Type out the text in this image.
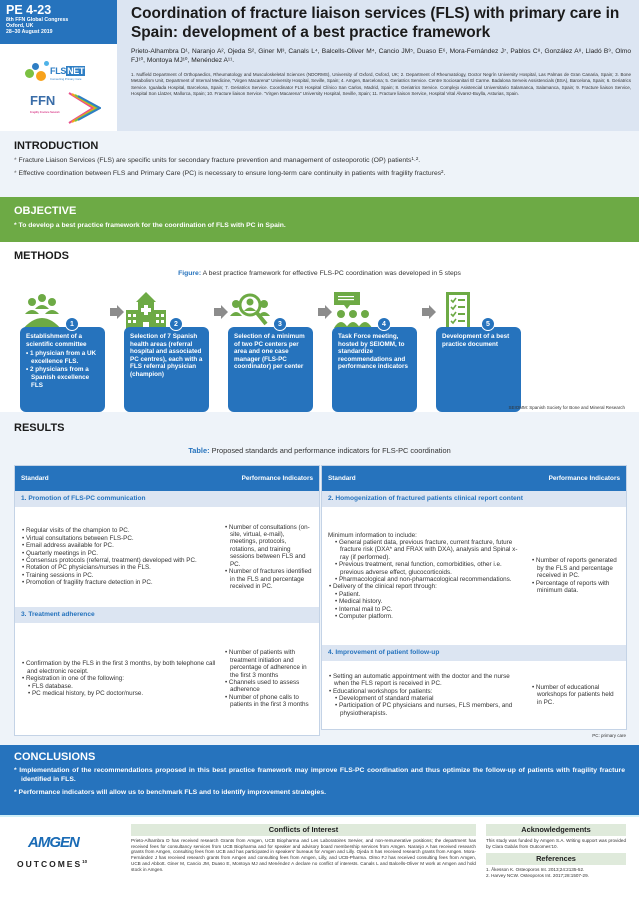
PE 4-23
8th FFN Global Congress
Oxford, UK
28–30 August 2019
FLSNET
Connecting Primary Care
FFN
Fragility Fracture Network
Coordination of fracture liaison services (FLS) with primary care in Spain: development of a best practice framework
Prieto-Alhambra D¹, Naranjo A², Ojeda S², Giner M³, Canals L⁴, Balcells-Oliver M⁴, Cancio JM⁵, Duaso E⁶, Mora-Fernández J⁷, Pablos C⁸, González A⁸, Lladó B⁹, Olmo FJ¹⁰, Montoya MJ¹⁰, Menéndez A¹¹.
1. Nuffield Department of Orthopaedics, Rheumatology and Musculoskeletal Sciences (NDORMS), University of Oxford, Oxford, UK; 2. Department of Rheumatology, Doctor Negrín University Hospital, Las Palmas de Gran Canaria, Spain; 3. Bone Metabolism Unit, Department of Internal Medicine, "Virgen Macarena" University Hospital, Seville, Spain; 4. Amgen, Barcelona; 5. Geriatrics Service. Centre Sociosanitari El Carme. Badalona Serveis Assistencials (BSA), Barcelona, Spain; 6. Geriatrics Service. Igualada Hospital, Barcelona, Spain; 7. Geriatrics Service. Coordinator FLS Hospital Clínico San Carlos, Madrid, Spain; 8. Geriatrics Service. Complejo Asistencial Universitario Salamanca, Salamanca, Spain; 9. Fracture liaison Service, Hospital Son Llatzer, Mallorca, Spain; 10. Fracture liaison Service. "Virgen Macarena" University Hospital, Seville, Spain; 11. Fracture liaison Service, Hospital Vital Álvarez-Buylla, Asturias, Spain.
INTRODUCTION
* Fracture Liaison Services (FLS) are specific units for secondary fracture prevention and management of osteoporotic (OP) patients¹·².
* Effective coordination between FLS and Primary Care (PC) is necessary to ensure long-term care continuity in patients with fragility fractures².
OBJECTIVE
* To develop a best practice framework for the coordination of FLS with PC in Spain.
METHODS
Figure: A best practice framework for effective FLS-PC coordination was developed in 5 steps
1
Establishment of a scientific committee
• 1 physician from a UK excellence FLS.
• 2 physicians from a Spanish excellence FLS
2
Selection of 7 Spanish health areas (referral hospital and associated PC centres), each with a FLS referral physician (champion)
3
Selection of a minimum of two PC centers per area and one case manager (FLS-PC coordinator) per center
4
Task Force meeting, hosted by SEIOMM, to standardize recommendations and performance indicators
5
Development of a best practice document
SEIOMM: Spanish Society for Bone and Mineral Research
RESULTS
Table: Proposed standards and performance indicators for FLS-PC coordination
Standard	Performance Indicators
1. Promotion of FLS-PC communication
• Regular visits of the champion to PC.
• Virtual consultations between FLS-PC.
• Email address available for PC.
• Quarterly meetings in PC.
• Consensus protocols (referral, treatment) developed with PC.
• Rotation of PC physicians/nurses in the FLS.
• Training sessions in PC.
• Promotion of fragility fracture detection in PC.
• Number of consultations (on-site, virtual, e-mail), meetings, protocols, rotations, and training sessions between FLS and PC.
• Number of fractures identified in the FLS and percentage received in PC.
3. Treatment adherence
• Confirmation by the FLS in the first 3 months, by both telephone call and electronic receipt.
• Registration in one of the following:
• FLS database.
• PC medical history, by PC doctor/nurse.
• Number of patients with treatment initiation and percentage of adherence in the first 3 months
• Channels used to assess adherence
• Number of phone calls to patients in the first 3 months
Standard	Performance Indicators
2. Homogenization of fractured patients clinical report content
Minimum information to include:
• General patient data, previous fracture, current fracture, future fracture risk (DXA* and FRAX with DXA), analysis and Spinal x-ray (if performed).
• Previous treatment, renal function, comorbidities, other i.e. previous adverse effect, glucocorticoids.
• Pharmacological and non-pharmacological recommendations.
• Delivery of the clinical report through:
• Patient.
• Medical history.
• Internal mail to PC.
• Computer platform.
• Number of reports generated by the FLS and percentage received in PC.
• Percentage of reports with minimum data.
4. Improvement of patient follow-up
• Setting an automatic appointment with the doctor and the nurse when the FLS report is received in PC.
• Educational workshops for patients:
• Development of standard material
• Participation of PC physicians and nurses, FLS members, and physiotherapists.
• Number of educational workshops for patients held in PC.
PC: primary care
CONCLUSIONS
* Implementation of the recommendations proposed in this best practice framework may improve FLS-PC coordination and thus optimize the follow-up of patients with fragility fracture identified in FLS.
* Performance indicators will allow us to benchmark FLS and to identify improvement strategies.
AMGEN
OUTCOMES$^{10}$
Conflicts of Interest
Prieto-Alhambra D has received research Grants from Amgen, UCB Biopharma and Les Laboratoires Servier, and non-remunerative positions; the department has received fees for consultancy services from UCB Biopharma and for speaker and advisory board membership services from Amgen. Naranjo A has received research grants from Amgen, consulting fees from UCB and has participated in speakers' bureaus for Amgen and Lilly. Ojeda S has received research grants from Amgen. Mora-Fernández J has received research grants from Amgen and consulting fees from Amgen, Lilly, and UCB-Pharma. Olmo FJ has received consulting fees from Amgen, UCB and Abbott. Giner M, Cancio JM, Duaso E, Montoya MJ and Menéndez A declare no conflict of interests. Canals L and Balcells-Oliver M work at Amgen and hold stock in Amgen.
Acknowledgements
This study was funded by Amgen S.A. Writing support was provided by Clara Gabás from Outcomes'10.
References
1. Åkesson K. Osteoporos Int. 2013;24:2135-52.
2. Harvey NCW. Osteoporos Int. 2017;28:1507-29.
